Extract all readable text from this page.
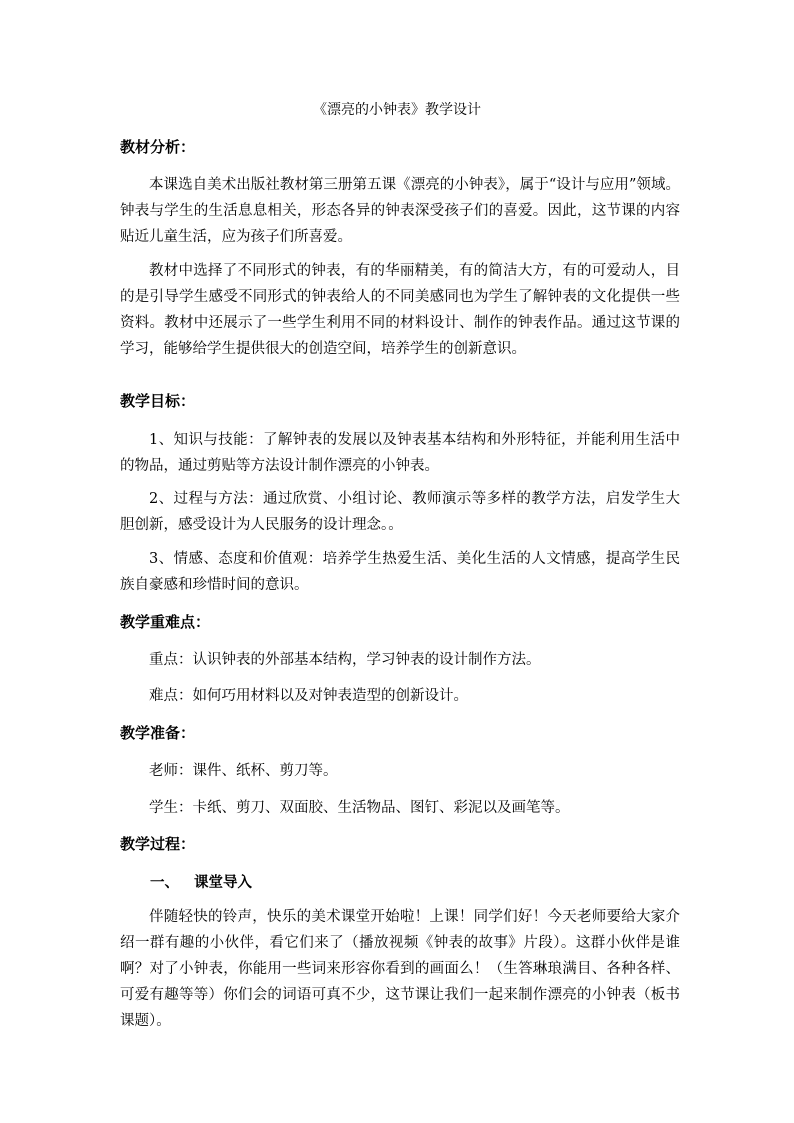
《漂亮的小钟表》教学设计
教材分析：
本课选自美术出版社教材第三册第五课《漂亮的小钟表》，属于“设计与应用”领域。钟表与学生的生活息息相关，形态各异的钟表深受孩子们的喜爱。因此，这节课的内容贴近儿童生活，应为孩子们所喜爱。
教材中选择了不同形式的钟表，有的华丽精美，有的简洁大方，有的可爱动人，目的是引导学生感受不同形式的钟表给人的不同美感同也为学生了解钟表的文化提供一些资料。教材中还展示了一些学生利用不同的材料设计、制作的钟表作品。通过这节课的学习，能够给学生提供很大的创造空间，培养学生的创新意识。
教学目标：
1、知识与技能：了解钟表的发展以及钟表基本结构和外形特征，并能利用生活中的物品，通过剪贴等方法设计制作漂亮的小钟表。
2、过程与方法：通过欣赏、小组讨论、教师演示等多样的教学方法，启发学生大胆创新，感受设计为人民服务的设计理念。。
3、情感、态度和价值观：培养学生热爱生活、美化生活的人文情感，提高学生民族自豪感和珍惜时间的意识。
教学重难点：
重点：认识钟表的外部基本结构，学习钟表的设计制作方法。
难点：如何巧用材料以及对钟表造型的创新设计。
教学准备：
老师：课件、纸杯、剪刀等。
学生：卡纸、剪刀、双面胶、生活物品、图钉、彩泥以及画笔等。
教学过程：
一、 课堂导入
伴随轻快的铃声，快乐的美术课堂开始啦！上课！同学们好！今天老师要给大家介绍一群有趣的小伙伴，看它们来了（播放视频《钟表的故事》片段）。这群小伙伴是谁啊？对了小钟表，你能用一些词来形容你看到的画面么！（生答琳琅满目、各种各样、可爱有趣等等）你们会的词语可真不少，这节课让我们一起来制作漂亮的小钟表（板书课题）。
